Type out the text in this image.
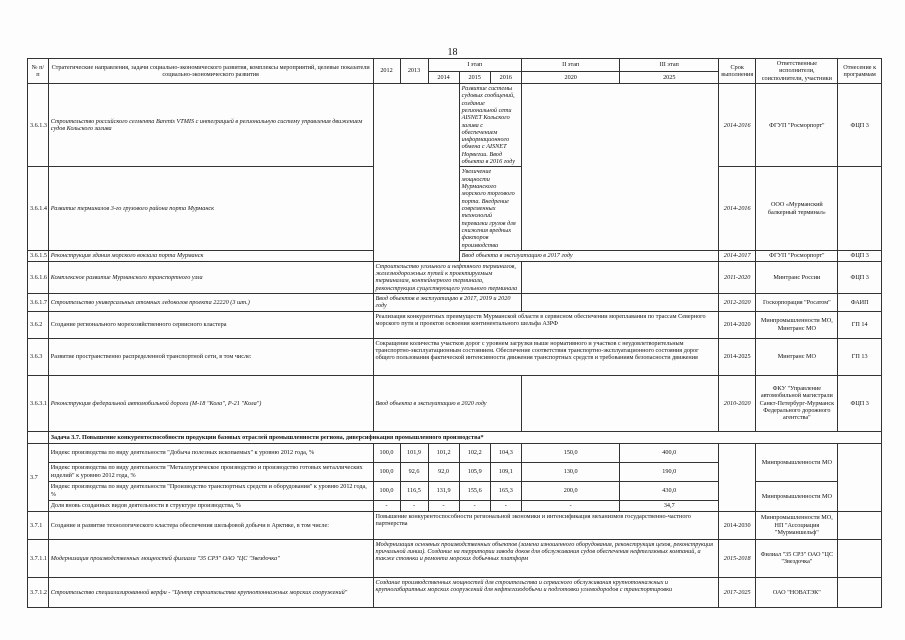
18
№ п/п	Стратегические направления, задачи социально-экономического развития, комплексы мероприятий, целевые показатели социально-экономического развития	2012	2013	I этап			II этап	III этап	Срок выполнения	Ответственные исполнители, соисполнители, участники	Отнесение к программам
				2014	2015	2016	2020	2025			
3.6.1.3	Строительство российского сегмента Barents VTMIS с интеграцией в региональную систему управления движением судов Кольского залива				Развитие системы судовых сообщений, создание региональной сети AISNET Кольского залива с обеспечением информационного обмена с AISNET Норвегии. Ввод объекта в 2016 году				2014-2016	ФГУП "Росморпорт"	ФЦП 3
3.6.1.4	Развитие терминалов 3-го грузового района порта Мурманск				Увеличение мощности Мурманского морского торгового порта. Внедрение современных технологий перевалки грузов для снижения вредных факторов производства				2014-2016	ООО «Мурманский балкерный терминал»	
3.6.1.5	Реконструкция здания морского вокзала порта Мурманск				Ввод объекта в эксплуатацию в 2017 году				2014-2017	ФГУП "Росморпорт"	ФЦП 3
3.6.1.6	Комплексное развитие Мурманского транспортного узла	Строительство угольного и нефтяного терминалов, железнодорожных путей к проектируемым терминалам, контейнерного терминала, реконструкция существующего угольного терминала							2011-2020	Минтранс России	ФЦП 3
3.6.1.7	Строительство универсальных атомных ледоколов проекта 22220 (3 шт.)	Ввод объектов в эксплуатацию в 2017, 2019 и 2020 году							2012-2020	Госкорпорация "Росатом"	ФАИП
3.6.2	Создание регионального морехозяйственного сервисного кластера	Реализация конкурентных преимуществ Мурманской области в сервисном обеспечении мореплавания по трассам Северного морского пути и проектов освоения континентального шельфа АЗРФ							2014-2020	Минпромышленности МО, Минтранс МО	ГП 14
3.6.3	Развитие пространственно распределенной транспортной сети, в том числе:	Сокращение количества участков дорог с уровнем загрузки выше нормативного и участков с неудовлетворительным транспортно-эксплуатационным состоянием. Обеспечение соответствия транспортно-эксплуатационного состояния дорог общего пользования фактической интенсивности движения транспортных средств и требованиям безопасности движения							2014-2025	Минтранс МО	ГП 13
3.6.3.1	Реконструкция федеральной автомобильной дороги (М-18 "Кола", Р-21 "Кола")	Ввод объекта в эксплуатацию в 2020 году							2010-2020	ФКУ "Управление автомобильной магистрали Санкт-Петербург-Мурманск Федерального дорожного агентства"	ФЦП 3
	Задача 3.7. Повышение конкурентоспособности продукции базовых отраслей промышленности региона, диверсификация промышленного производства*										
3.7	Индекс производства по виду деятельности "Добыча полезных ископаемых" к уровню 2012 года, %	100,0	101,9	101,2	102,2	104,3	150,0	400,0		Минпромышленности МО	
	Индекс производства по виду деятельности "Металлургическое производство и производство готовых металлических изделий" к уровню 2012 года, %	100,0	92,6	92,0	105,9	109,1	130,0	190,0			
	Индекс производства по виду деятельности "Производство транспортных средств и оборудования" к уровню 2012 года, %	100,0	116,5	131,9	155,6	165,3	200,0	430,0		Минпромышленности МО	
	Доля вновь созданных видов деятельности в структуре производства, %	-	-	-	-	-	-	34,7			
3.7.1	Создание и развитие технологического кластера обеспечения шельфовой добычи в Арктике, в том числе:	Повышение конкурентоспособности региональной экономики и интенсификация механизмов государственно-частного партнерства							2014-2030	Минпромышленности МО, НП "Ассоциация "Мурманшельф"	
3.7.1.1	Модернизация производственных мощностей филиала "35 СРЗ" ОАО "ЦС "Звездочка"	Модернизация основных производственных объектов (замена изношенного оборудования, реконструкция цехов, реконструкция причальной линии). Создание на территории завода доков для обслуживания судов обеспечения нефтегазовых компаний, а также стоянки и ремонта морских добычных платформ							2015-2018	Филиал "35 СРЗ" ОАО "ЦС "Звездочка"	
3.7.1.2	Строительство специализированной верфи - "Центр строительства крупнотоннажных морских сооружений"	Создание производственных мощностей для строительства и сервисного обслуживания крупнотоннажных и крупногабаритных морских сооружений для нефтегазодобычи и подготовки углеводородов с транспортировки							2017-2025	ОАО "НОВАТЭК"	
